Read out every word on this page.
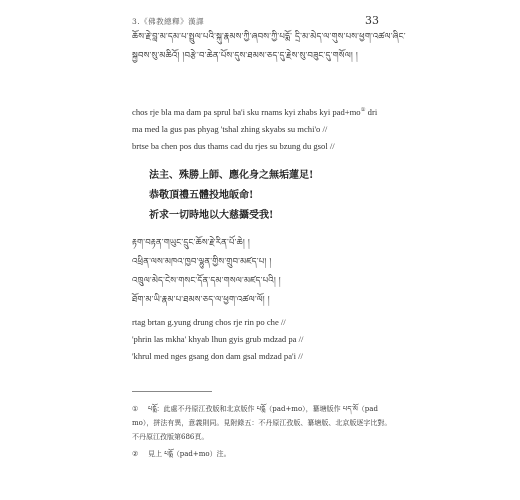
3.《佛教總釋》漢譯	33
ཆོས་རྗེ་བླ་མ་དམ་པ་སྤྲུལ་པའི་སྐུ་རྣམས་ཀྱི་ཞབས་ཀྱི་པདྨོ་ དྲི་མ་མེད་ལ་གུས་པས་ཕྱག་འཚལ་ཞིང་
སྐྱབས་སུ་མཆིའོ། །བརྩེ་བ་ཆེན་པོས་དུས་ཐམས་ཅད་དུ་རྗེས་སུ་བཟུང་དུ་གསོལ། །
chos rje bla ma dam pa sprul ba'i sku rnams kyi zhabs kyi pad+mo① dri
ma med la gus pas phyag 'tshal zhing skyabs su mchi'o //
brtse ba chen pos dus thams cad du rjes su bzung du gsol //
法主、殊勝上師、應化身之無垢蓮足!
恭敬頂禮五體投地皈命!
祈求一切時地以大慈攝受我!
རྟག་བརྟན་གཡུང་དྲུང་ཆོས་རྗེ་རིན་པོ་ཆེ། །
འཕྲིན་ལས་མཁའ་ཁྱབ་ལྷུན་གྱིས་གྲུབ་མཛད་པ། །
འཁྲུལ་མེད་ངེས་གསང་དོན་དམ་གསལ་མཛད་པའི། །
ཐོག་མ་ཡི་རྣམ་པ་ཐམས་ཅད་ལ་ཕྱག་འཚལ་ལོ། །
rtag brtan g.yung drung chos rje rin po che //
'phrin las mkha' khyab lhun gyis grub mdzad pa //
'khrul med nges gsang don dam gsal mdzad pa'i //
① པདྨོ：此處不丹原江孜版和北京版作 པདྨོ（pad+mo），纂塘版作 པད་མོ（pad mo），拼法有異，意義則同。見附錄五：不丹原江孜版、纂塘版、北京版逐字比對。不丹原江孜版第686頁。
② 見上 པདྨོ（pad+mo）注。
